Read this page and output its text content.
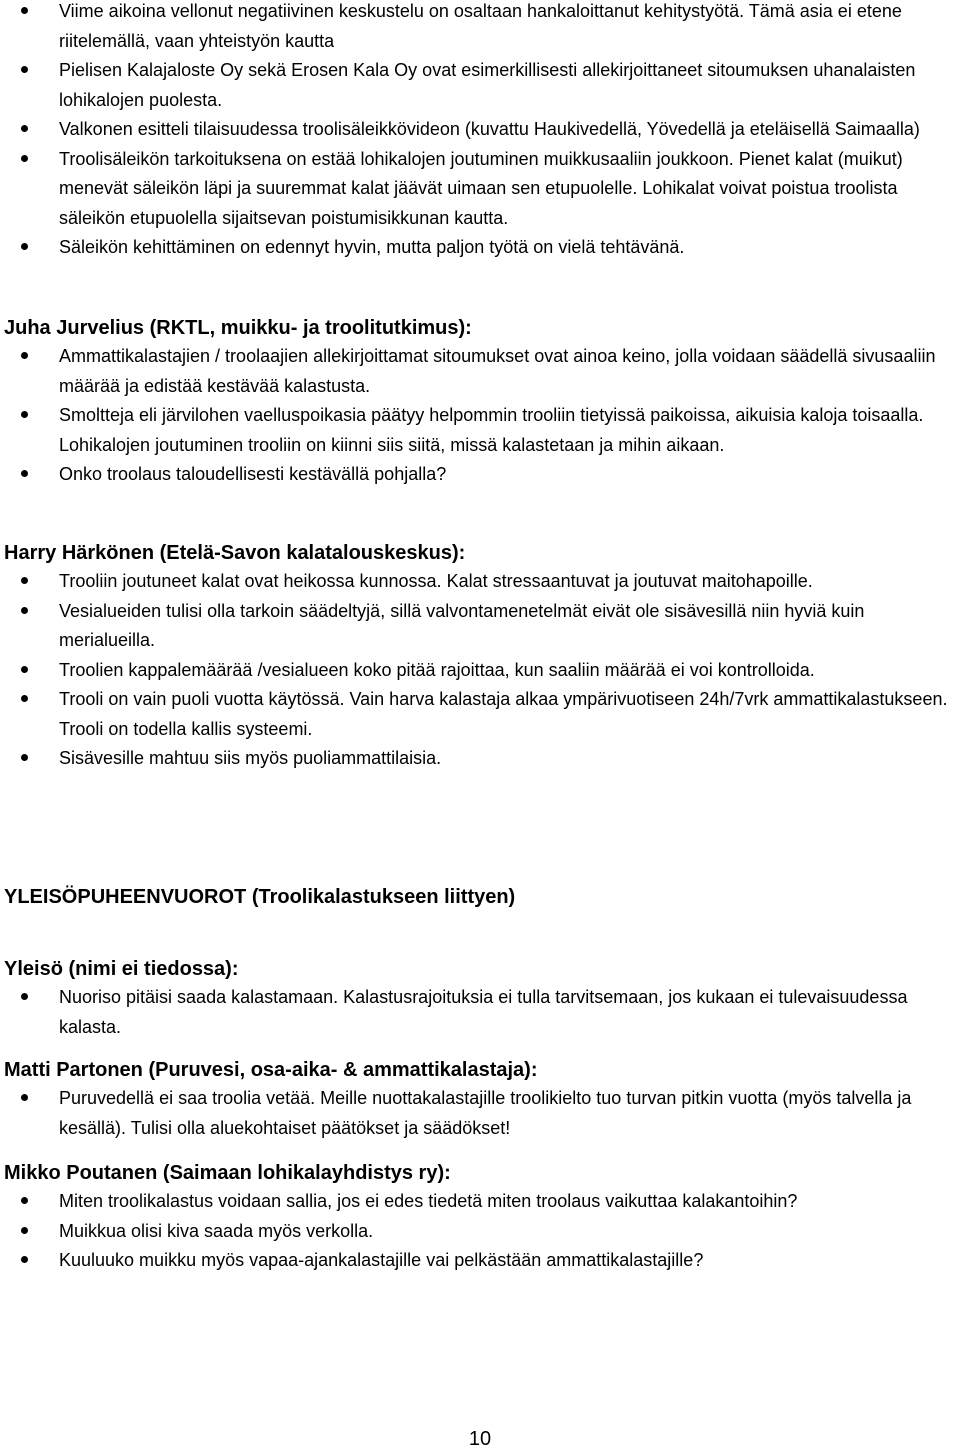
Viime aikoina vellonut negatiivinen keskustelu on osaltaan hankaloittanut kehitystyötä. Tämä asia ei etene riitelemällä, vaan yhteistyön kautta
Pielisen Kalajaloste Oy sekä Erosen Kala Oy ovat esimerkillisesti allekirjoittaneet sitoumuksen uhanalaisten lohikalojen puolesta.
Valkonen esitteli tilaisuudessa troolisäleikkövideon (kuvattu Haukivedellä, Yövedellä ja eteläisellä Saimaalla)
Troolisäleikön tarkoituksena on estää lohikalojen joutuminen muikkusaaliin joukkoon. Pienet kalat (muikut) menevät säleikön läpi ja suuremmat kalat jäävät uimaan sen etupuolelle. Lohikalat voivat poistua troolista säleikön etupuolella sijaitsevan poistumisikkunan kautta.
Säleikön kehittäminen on edennyt hyvin, mutta paljon työtä on vielä tehtävänä.
Juha Jurvelius (RKTL, muikku- ja troolitutkimus):
Ammattikalastajien / troolaajien allekirjoittamat sitoumukset ovat ainoa keino, jolla voidaan säädellä sivusaaliin määrää ja edistää kestävää kalastusta.
Smoltteja eli järvilohen vaelluspoikasia päätyy helpommin trooliin tietyissä paikoissa, aikuisia kaloja toisaalla. Lohikalojen joutuminen trooliin on kiinni siis siitä, missä kalastetaan ja mihin aikaan.
Onko troolaus taloudellisesti kestävällä pohjalla?
Harry Härkönen (Etelä-Savon kalatalouskeskus):
Trooliin joutuneet kalat ovat heikossa kunnossa. Kalat stressaantuvat ja joutuvat maitohapoille.
Vesialueiden tulisi olla tarkoin säädeltyjä, sillä valvontamenetelmät eivät ole sisävesillä niin hyviä kuin merialueilla.
Troolien kappalemäärää /vesialueen koko pitää rajoittaa, kun saaliin määrää ei voi kontrolloida.
Trooli on vain puoli vuotta käytössä. Vain harva kalastaja alkaa ympärivuotiseen 24h/7vrk ammattikalastukseen. Trooli on todella kallis systeemi.
Sisävesille mahtuu siis myös puoliammattilaisia.
YLEISÖPUHEENVUOROT (Troolikalastukseen liittyen)
Yleisö (nimi ei tiedossa):
Nuoriso pitäisi saada kalastamaan. Kalastusrajoituksia ei tulla tarvitsemaan, jos kukaan ei tulevaisuudessa kalasta.
Matti Partonen (Puruvesi, osa-aika- & ammattikalastaja):
Puruvedellä ei saa troolia vetää. Meille nuottakalastajille troolikielto tuo turvan pitkin vuotta (myös talvella ja kesällä). Tulisi olla aluekohtaiset päätökset ja säädökset!
Mikko Poutanen (Saimaan lohikalayhdistys ry):
Miten troolikalastus voidaan sallia, jos ei edes tiedetä miten troolaus vaikuttaa kalakantoihin?
Muikkua olisi kiva saada myös verkolla.
Kuuluuko muikku myös vapaa-ajankalastajille vai pelkästään ammattikalastajille?
10
